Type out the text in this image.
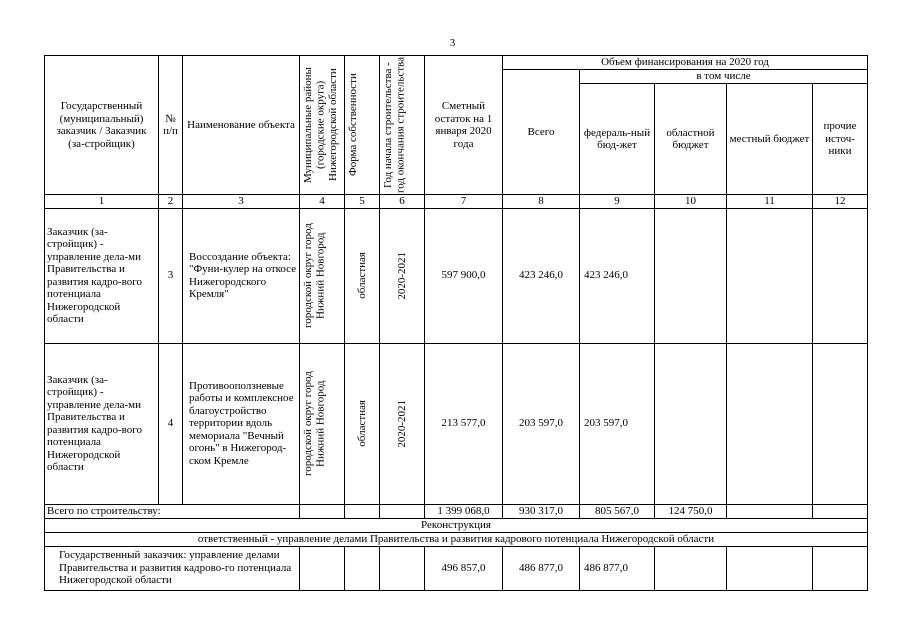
3
Государственный (муниципальный) заказчик / Заказчик (за-стройщик)	№ п/п	Наименование объекта	Муниципальные районы (городские округа) Нижегородской области	Форма собственности	Год начала строительства - год окончания строительства	Сметный остаток на 1 января 2020 года	Объем финансирования на 2020 год				
							Всего	в том числе			
								федераль-ный бюд-жет	областной бюджет	местный бюджет	прочие источ-ники
1	2	3	4	5	6	7	8	9	10	11	12
Заказчик (за-стройщик) - управление дела-ми Правительства и развития кадро-вого потенциала Нижегородской области	3	Воссоздание объекта: "Фуни-кулер на откосе Нижегородского Кремля"	городской округ город Нижний Новгород	областная	2020-2021	597 900,0	423 246,0	423 246,0			
Заказчик (за-стройщик) - управление дела-ми Правительства и развития кадро-вого потенциала Нижегородской области	4	Противооползневые работы и комплексное благоустройство территории вдоль мемориала "Вечный огонь" в Нижегород-ском Кремле	городской округ город Нижний Новгород	областная	2020-2021	213 577,0	203 597,0	203 597,0			
Всего по строительству:						1 399 068,0	930 317,0	805 567,0	124 750,0		
Реконструкция											
ответственный - управление делами Правительства и развития кадрового потенциала Нижегородской области											
Государственный заказчик: управление делами Правительства и развития кадрово-го потенциала Нижегородской области						496 857,0	486 877,0	486 877,0			
